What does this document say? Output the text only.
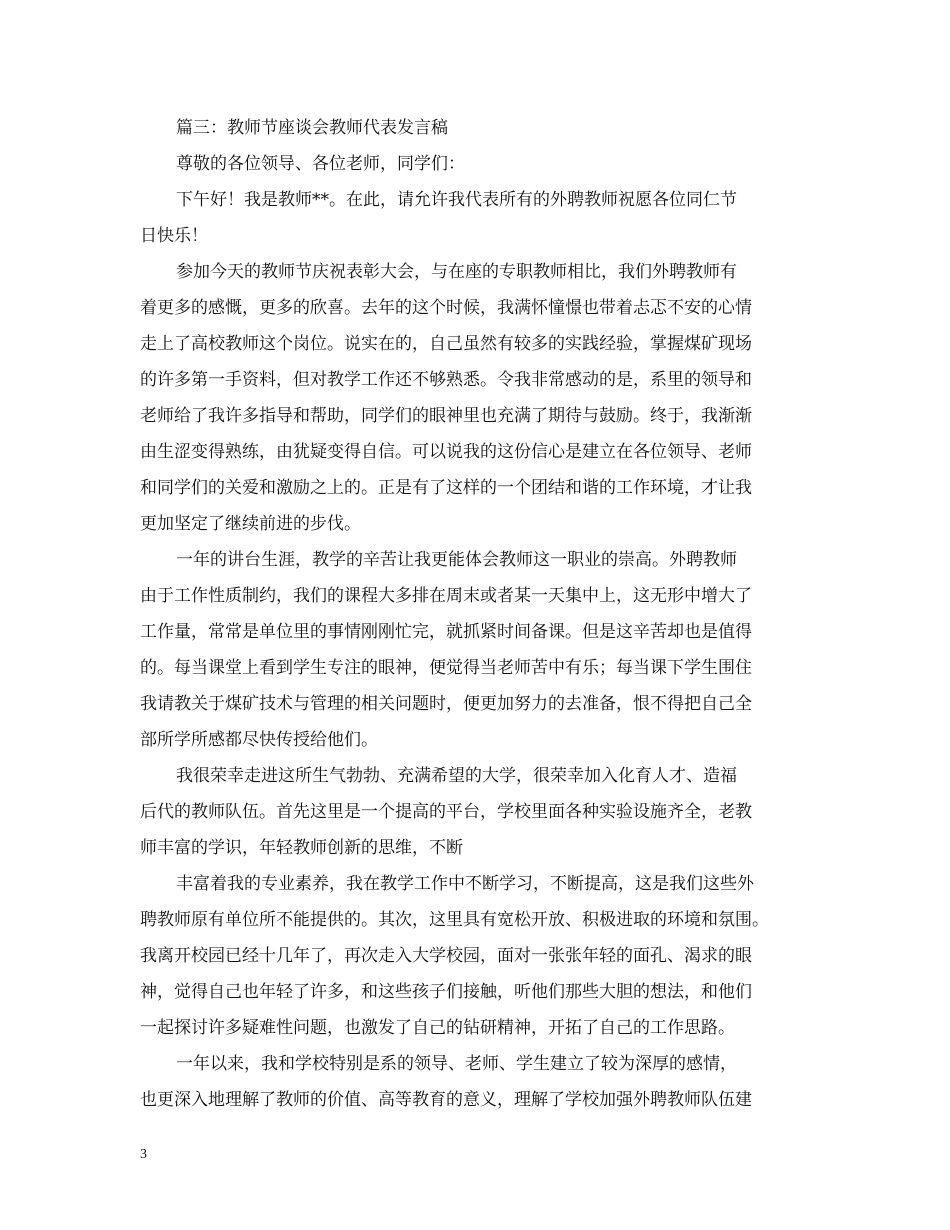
篇三：教师节座谈会教师代表发言稿
尊敬的各位领导、各位老师，同学们：
下午好！我是教师**。在此，请允许我代表所有的外聘教师祝愿各位同仁节
日快乐！
参加今天的教师节庆祝表彰大会，与在座的专职教师相比，我们外聘教师有
着更多的感慨，更多的欣喜。去年的这个时候，我满怀憧憬也带着忐忑不安的心情
走上了高校教师这个岗位。说实在的，自己虽然有较多的实践经验，掌握煤矿现场
的许多第一手资料，但对教学工作还不够熟悉。令我非常感动的是，系里的领导和
老师给了我许多指导和帮助，同学们的眼神里也充满了期待与鼓励。终于，我渐渐
由生涩变得熟练，由犹疑变得自信。可以说我的这份信心是建立在各位领导、老师
和同学们的关爱和激励之上的。正是有了这样的一个团结和谐的工作环境，才让我
更加坚定了继续前进的步伐。
一年的讲台生涯，教学的辛苦让我更能体会教师这一职业的崇高。外聘教师
由于工作性质制约，我们的课程大多排在周末或者某一天集中上，这无形中增大了
工作量，常常是单位里的事情刚刚忙完，就抓紧时间备课。但是这辛苦却也是值得
的。每当课堂上看到学生专注的眼神，便觉得当老师苦中有乐；每当课下学生围住
我请教关于煤矿技术与管理的相关问题时，便更加努力的去准备，恨不得把自己全
部所学所感都尽快传授给他们。
我很荣幸走进这所生气勃勃、充满希望的大学，很荣幸加入化育人才、造福
后代的教师队伍。首先这里是一个提高的平台，学校里面各种实验设施齐全，老教
师丰富的学识，年轻教师创新的思维，不断
丰富着我的专业素养，我在教学工作中不断学习，不断提高，这是我们这些外
聘教师原有单位所不能提供的。其次，这里具有宽松开放、积极进取的环境和氛围。
我离开校园已经十几年了，再次走入大学校园，面对一张张年轻的面孔、渴求的眼
神，觉得自己也年轻了许多，和这些孩子们接触，听他们那些大胆的想法，和他们
一起探讨许多疑难性问题，也激发了自己的钻研精神，开拓了自己的工作思路。
一年以来，我和学校特别是系的领导、老师、学生建立了较为深厚的感情，
也更深入地理解了教师的价值、高等教育的意义，理解了学校加强外聘教师队伍建
3
